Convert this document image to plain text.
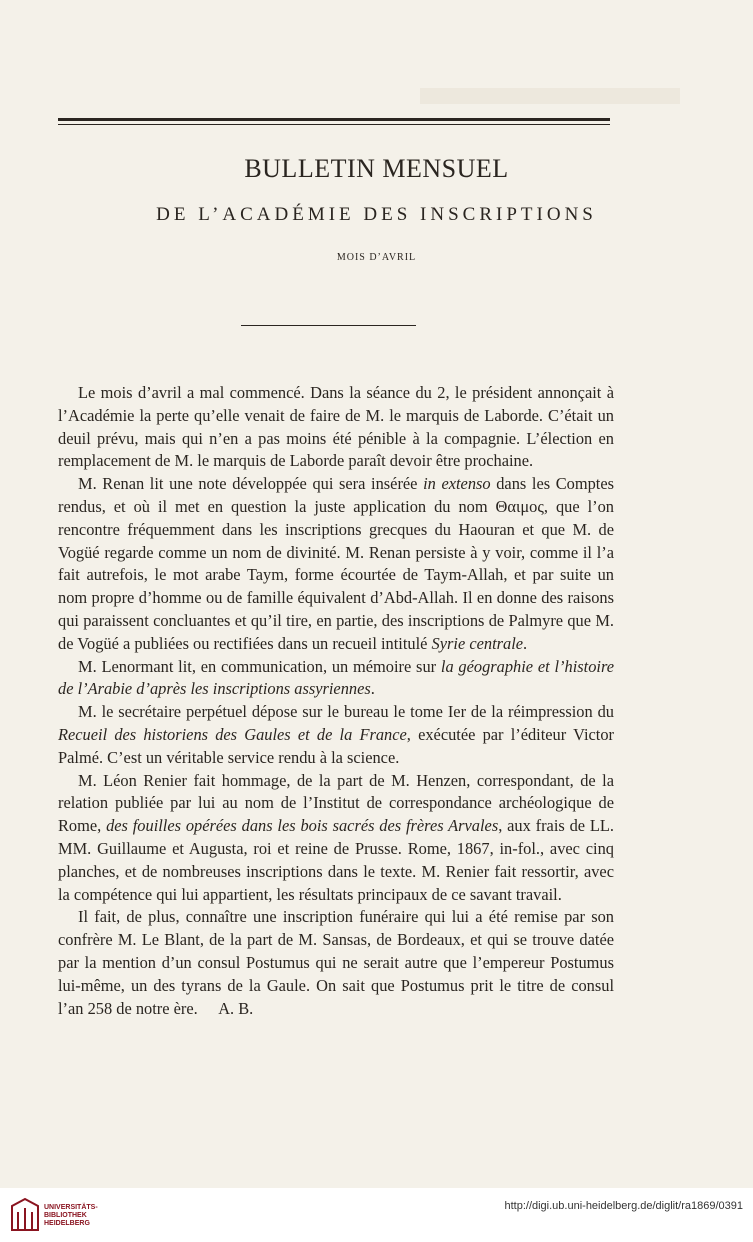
BULLETIN MENSUEL
DE L’ACADÉMIE DES INSCRIPTIONS
MOIS D’AVRIL

Le mois d’avril a mal commencé. Dans la séance du 2, le président annonçait à l’Académie la perte qu’elle venait de faire de M. le marquis de Laborde. C’était un deuil prévu, mais qui n’en a pas moins été pénible à la compagnie. L’élection en remplacement de M. le marquis de Laborde paraît devoir être prochaine.

M. Renan lit une note développée qui sera insérée in extenso dans les Comptes rendus, et où il met en question la juste application du nom Θαιμος, que l’on rencontre fréquemment dans les inscriptions grecques du Haouran et que M. de Vogüé regarde comme un nom de divinité. M. Renan persiste à y voir, comme il l’a fait autrefois, le mot arabe Taym, forme écourtée de Taym-Allah, et par suite un nom propre d’homme ou de famille équivalent d’Abd-Allah. Il en donne des raisons qui paraissent concluantes et qu’il tire, en partie, des inscriptions de Palmyre que M. de Vogüé a publiées ou rectifiées dans un recueil intitulé Syrie centrale.

M. Lenormant lit, en communication, un mémoire sur la géographie et l’histoire de l’Arabie d’après les inscriptions assyriennes.

M. le secrétaire perpétuel dépose sur le bureau le tome Ier de la réimpression du Recueil des historiens des Gaules et de la France, exécutée par l’éditeur Victor Palmé. C’est un véritable service rendu à la science.

M. Léon Renier fait hommage, de la part de M. Henzen, correspondant, de la relation publiée par lui au nom de l’Institut de correspondance archéologique de Rome, des fouilles opérées dans les bois sacrés des frères Arvales, aux frais de LL. MM. Guillaume et Augusta, roi et reine de Prusse. Rome, 1867, in-fol., avec cinq planches, et de nombreuses inscriptions dans le texte. M. Renier fait ressortir, avec la compétence qui lui appartient, les résultats principaux de ce savant travail.

Il fait, de plus, connaître une inscription funéraire qui lui a été remise par son confrère M. Le Blant, de la part de M. Sansas, de Bordeaux, et qui se trouve datée par la mention d’un consul Postumus qui ne serait autre que l’empereur Postumus lui-même, un des tyrans de la Gaule. On sait que Postumus prit le titre de consul l’an 258 de notre ère. A. B.

UNIVERSITÄTS-
BIBLIOTHEK
HEIDELBERG
http://digi.ub.uni-heidelberg.de/diglit/ra1869/0391
